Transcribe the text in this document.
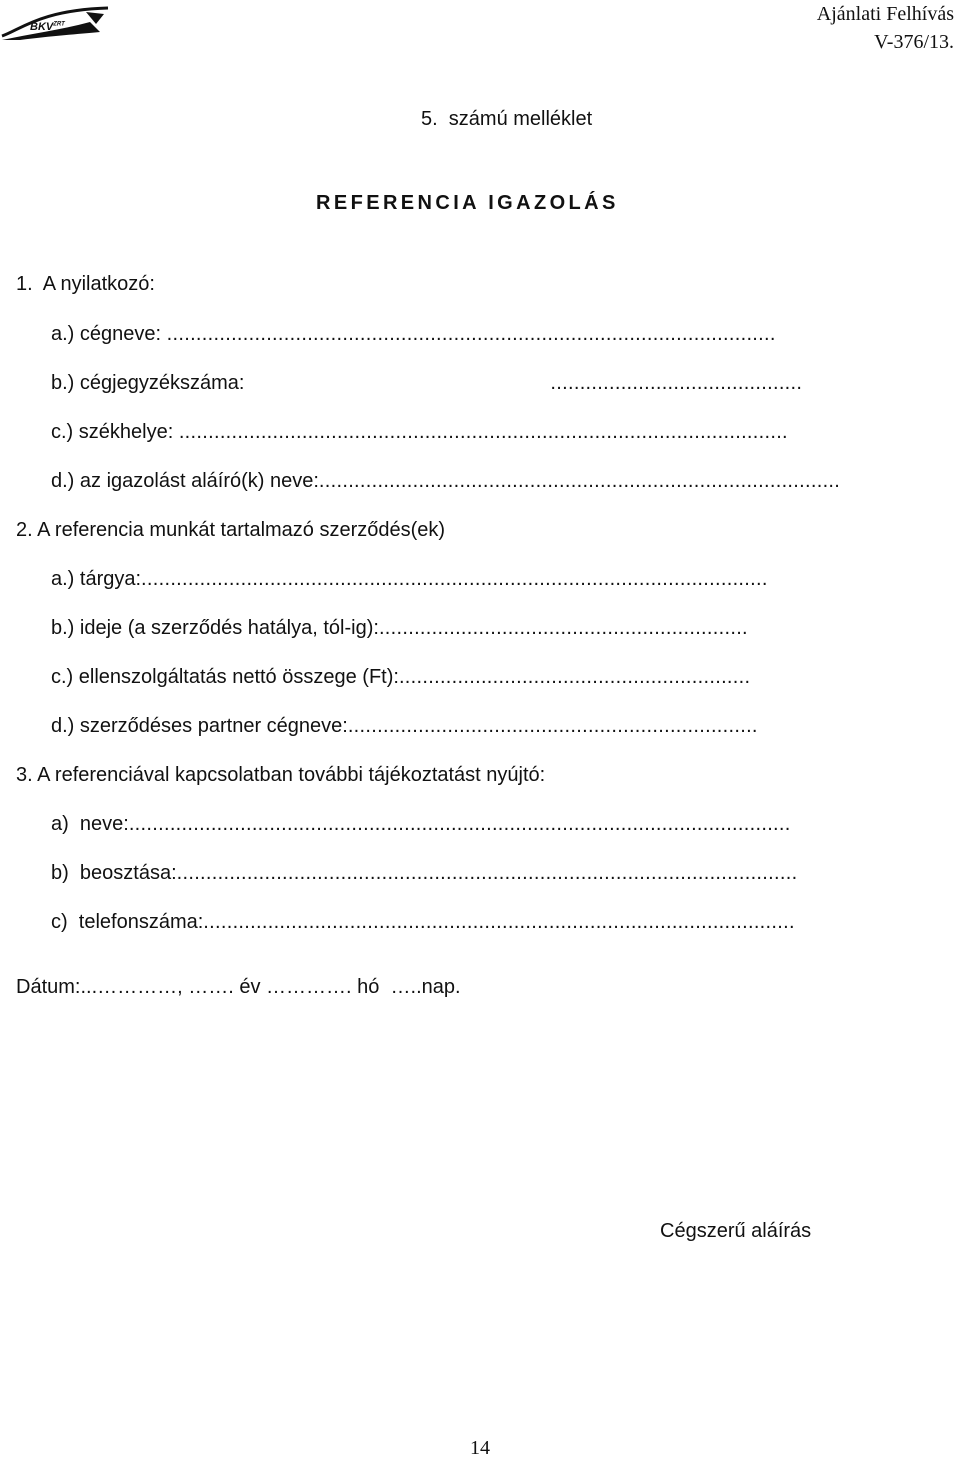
$BKV^{ZRT}$	Ajánlati Felhívás
V-376/13.
5.  számú melléklet
REFERENCIA IGAZOLÁS
1.  A nyilatkozó:
a.) cégneve:
........................................................................................................
b.) cégjegyzékszáma:	...........................................
c.) székhelye:
........................................................................................................
d.) az igazolást aláíró(k) neve: .........................................................................................
2. A referencia munkát tartalmazó szerződés(ek)
a.) tárgya: ...........................................................................................................
b.) ideje (a szerződés hatálya, tól-ig): ...............................................................
c.) ellenszolgáltatás nettó összege (Ft): ............................................................
d.) szerződéses partner cégneve: ......................................................................
3. A referenciával kapcsolatban további tájékoztatást nyújtó:
a)  neve: .................................................................................................................
b)  beosztása: ..........................................................................................................
c)  telefonszáma: .....................................................................................................
Dátum:...…………, ……. év …………. hó  …..nap.
Cégszerű aláírás
14
